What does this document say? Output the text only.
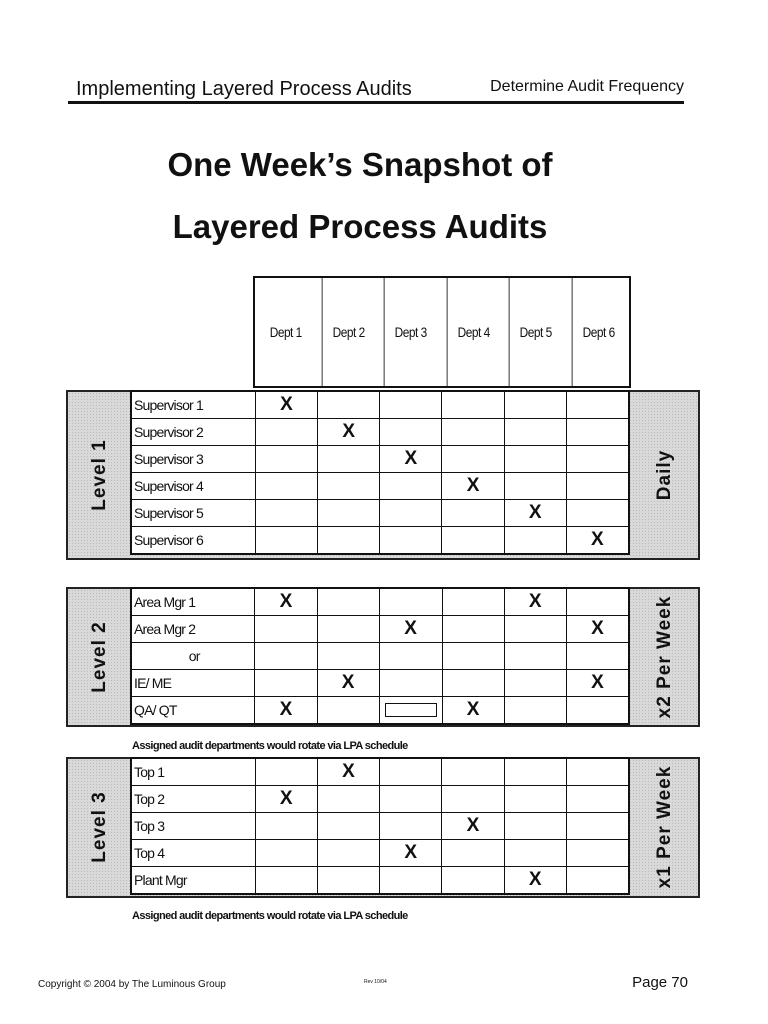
Implementing Layered Process Audits	Determine Audit Frequency
One Week’s Snapshot of
Layered Process Audits
Dept 1	Dept 2	Dept 3	Dept 4	Dept 5	Dept 6
Level 1	Daily
Supervisor 1	X					
Supervisor 2		X				
Supervisor 3			X			
Supervisor 4				X		
Supervisor 5					X	
Supervisor 6						X
Level 2	x2 Per Week
Area Mgr 1	X				X	
Area Mgr 2			X			X
or						
IE/ ME		X				X
QA/ QT	X			X		
Assigned audit departments would rotate via LPA schedule
Level 3	x1 Per Week
Top 1		X				
Top 2	X					
Top 3				X		
Top 4			X			
Plant Mgr					X	
Assigned audit departments would rotate via LPA schedule
Copyright © 2004 by The Luminous Group	Rev 10/04	Page 70
